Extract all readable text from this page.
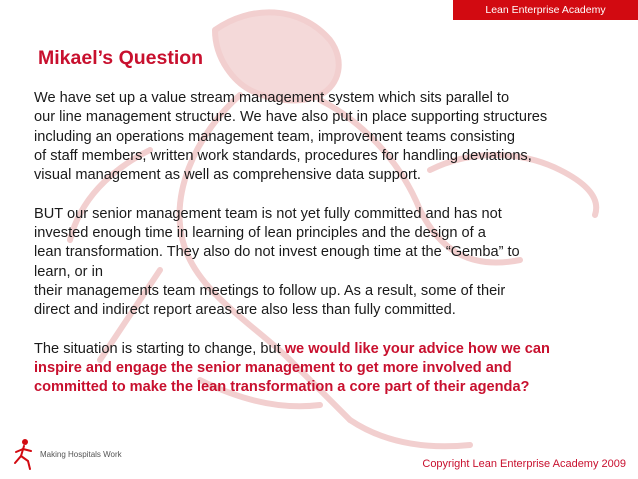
Lean Enterprise Academy
Mikael’s Question

We have set up a value stream management system which sits parallel to
our line management structure. We have also put in place supporting structures
including an operations management team, improvement teams consisting
of staff members, written work standards, procedures for handling deviations,
visual management as well as comprehensive data support.

BUT our senior management team is not yet fully committed and has not
invested enough time in learning of lean principles and the design of a
lean transformation. They also do not invest enough time at the “Gemba” to
learn, or in
their managements team meetings to follow up. As a result, some of their
direct and indirect report areas are also less than fully committed.

The situation is starting to change, but we would like your advice how we can
inspire and engage the senior management to get more involved and
committed to make the lean transformation a core part of their agenda?

Making Hospitals Work
Copyright Lean Enterprise Academy 2009
